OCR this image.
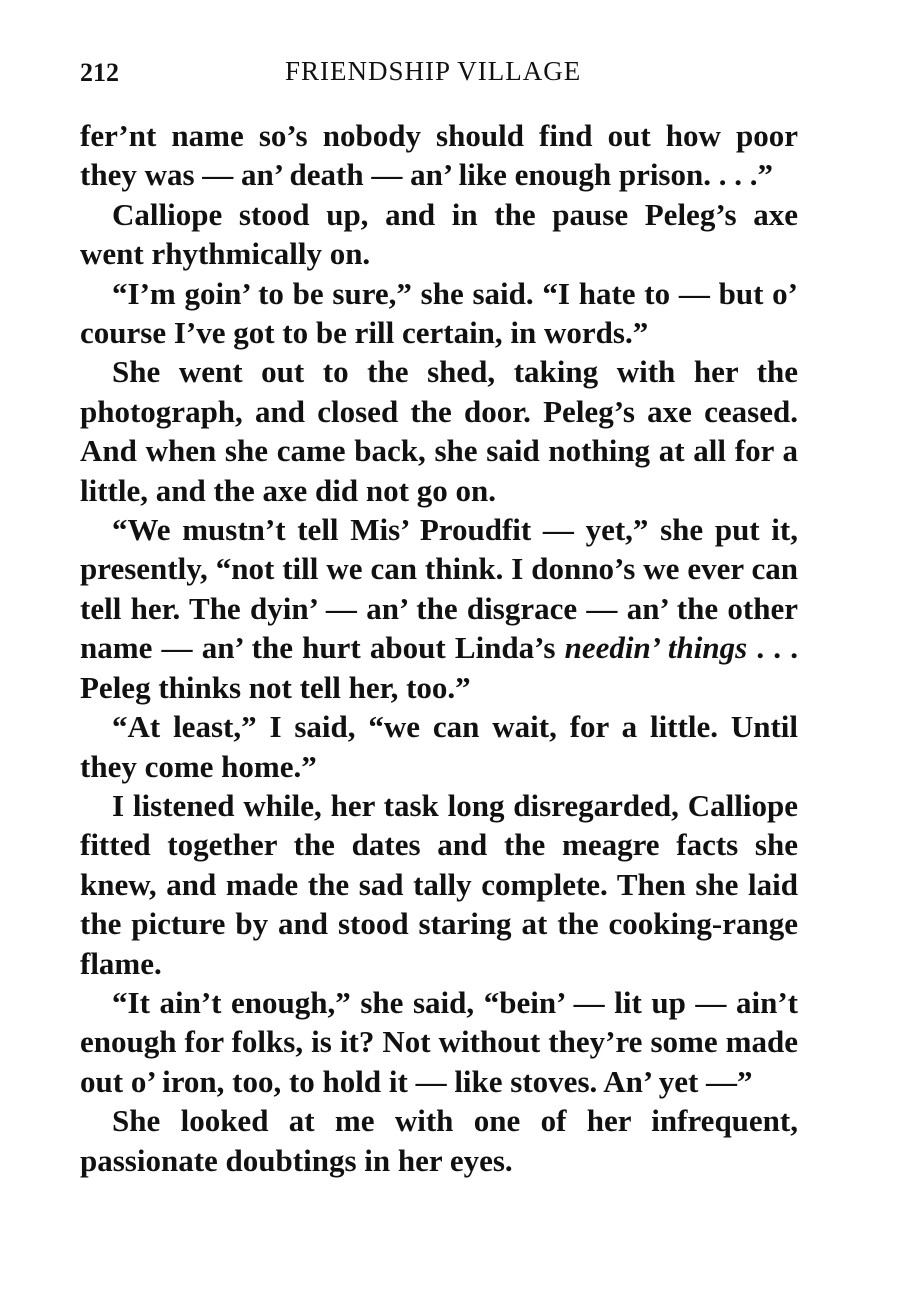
212	FRIENDSHIP VILLAGE

fer’nt name so’s nobody should find out how poor they was — an’ death — an’ like enough prison. . . .”

Calliope stood up, and in the pause Peleg’s axe went rhythmically on.

“I’m goin’ to be sure,” she said. “I hate to — but o’ course I’ve got to be rill certain, in words.”

She went out to the shed, taking with her the photograph, and closed the door. Peleg’s axe ceased. And when she came back, she said nothing at all for a little, and the axe did not go on.

“We mustn’t tell Mis’ Proudfit — yet,” she put it, presently, “not till we can think. I donno’s we ever can tell her. The dyin’ — an’ the disgrace — an’ the other name — an’ the hurt about Linda’s needin’ things . . . Peleg thinks not tell her, too.”

“At least,” I said, “we can wait, for a little. Until they come home.”

I listened while, her task long disregarded, Calliope fitted together the dates and the meagre facts she knew, and made the sad tally complete. Then she laid the picture by and stood staring at the cooking-range flame.

“It ain’t enough,” she said, “bein’ — lit up — ain’t enough for folks, is it? Not without they’re some made out o’ iron, too, to hold it — like stoves. An’ yet —”

She looked at me with one of her infrequent, passionate doubtings in her eyes.
